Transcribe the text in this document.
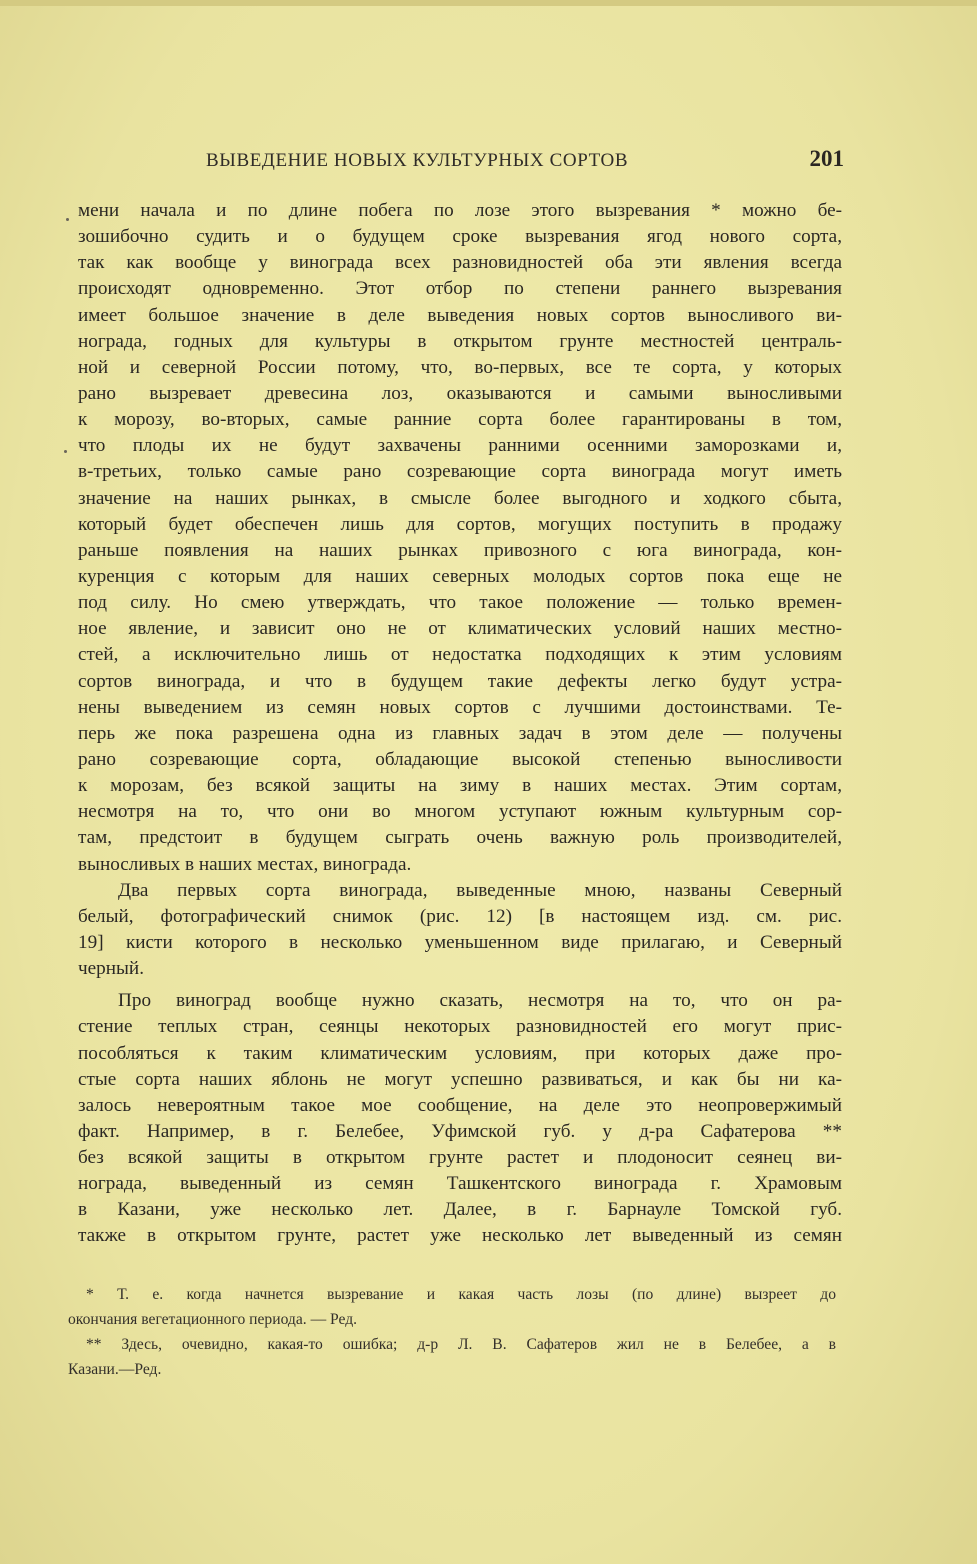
ВЫВЕДЕНИЕ НОВЫХ КУЛЬТУРНЫХ СОРТОВ	201
мени начала и по длине побега по лозе этого вызревания * можно бе-
зошибочно судить и о будущем сроке вызревания ягод нового сорта,
так как вообще у винограда всех разновидностей оба эти явления всегда
происходят одновременно. Этот отбор по степени раннего вызревания
имеет большое значение в деле выведения новых сортов выносливого ви-
нограда, годных для культуры в открытом грунте местностей централь-
ной и северной России потому, что, во-первых, все те сорта, у которых
рано вызревает древесина лоз, оказываются и самыми выносливыми
к морозу, во-вторых, самые ранние сорта более гарантированы в том,
что плоды их не будут захвачены ранними осенними заморозками и,
в-третьих, только самые рано созревающие сорта винограда могут иметь
значение на наших рынках, в смысле более выгодного и ходкого сбыта,
который будет обеспечен лишь для сортов, могущих поступить в продажу
раньше появления на наших рынках привозного с юга винограда, кон-
куренция с которым для наших северных молодых сортов пока еще не
под силу. Но смею утверждать, что такое положение — только времен-
ное явление, и зависит оно не от климатических условий наших местно-
стей, а исключительно лишь от недостатка подходящих к этим условиям
сортов винограда, и что в будущем такие дефекты легко будут устра-
нены выведением из семян новых сортов с лучшими достоинствами. Те-
перь же пока разрешена одна из главных задач в этом деле — получены
рано созревающие сорта, обладающие высокой степенью выносливости
к морозам, без всякой защиты на зиму в наших местах. Этим сортам,
несмотря на то, что они во многом уступают южным культурным сор-
там, предстоит в будущем сыграть очень важную роль производителей,
выносливых в наших местах, винограда.
Два первых сорта винограда, выведенные мною, названы Северный
белый, фотографический снимок (рис. 12) [в настоящем изд. см. рис.
19] кисти которого в несколько уменьшенном виде прилагаю, и Северный
черный.
Про виноград вообще нужно сказать, несмотря на то, что он ра-
стение теплых стран, сеянцы некоторых разновидностей его могут прис-
пособляться к таким климатическим условиям, при которых даже про-
стые сорта наших яблонь не могут успешно развиваться, и как бы ни ка-
залось невероятным такое мое сообщение, на деле это неопровержимый
факт. Например, в г. Белебее, Уфимской губ. у д-ра Сафатерова **
без всякой защиты в открытом грунте растет и плодоносит сеянец ви-
нограда, выведенный из семян Ташкентского винограда г. Храмовым
в Казани, уже несколько лет. Далее, в г. Барнауле Томской губ.
также в открытом грунте, растет уже несколько лет выведенный из семян
* Т. е. когда начнется вызревание и какая часть лозы (по длине) вызреет до
окончания вегетационного периода. — Ред.
** Здесь, очевидно, какая-то ошибка; д-р Л. В. Сафатеров жил не в Белебее, а в
Казани.—Ред.
